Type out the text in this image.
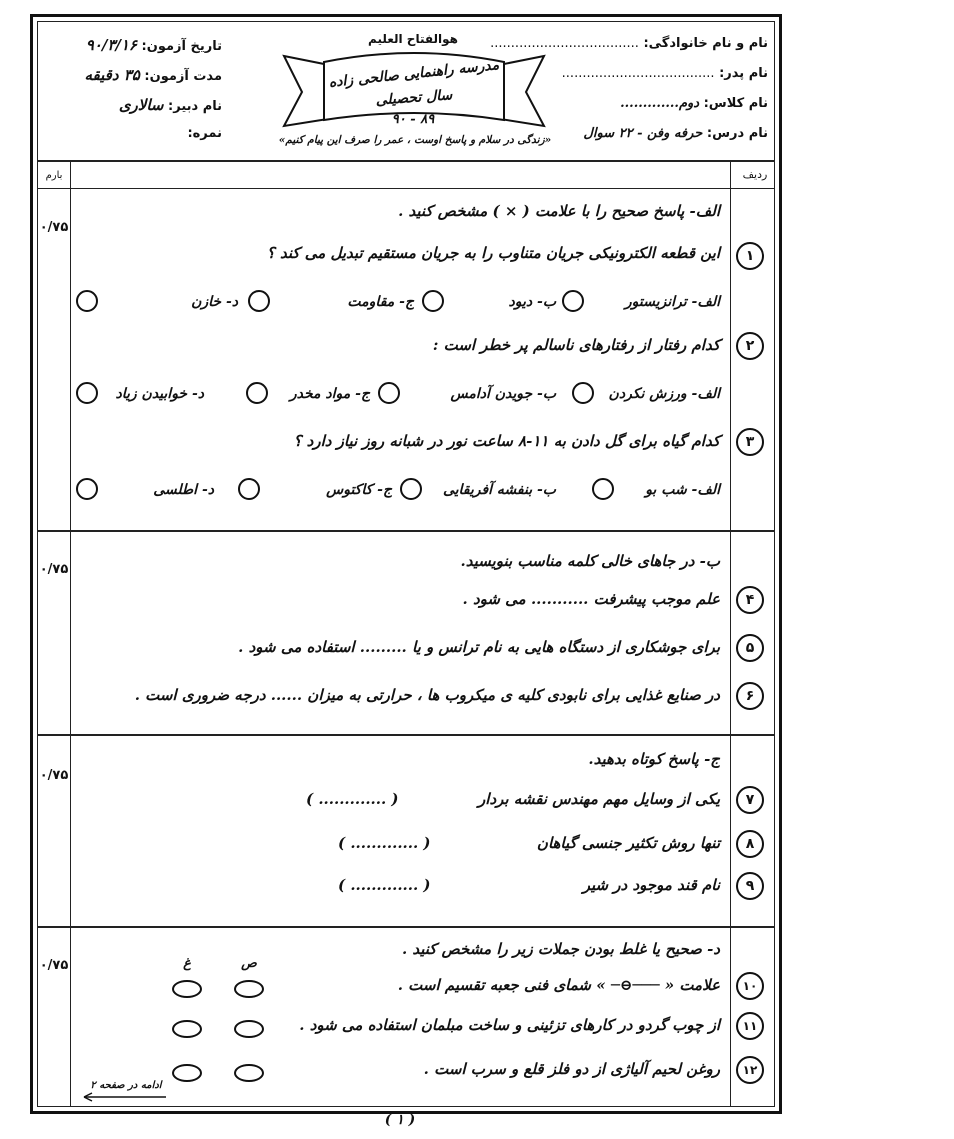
نام و نام خانوادگی: ....................................
نام پدر: .....................................
نام کلاس: دوم.............
نام درس: حرفه وفن - ۲۲ سوال
هوالفتاح العلیم
مدرسه راهنمایی صالحی زاده
سال تحصیلی
۹۰ - ۸۹
«زندگی در سلام و پاسخ اوست ، عمر را صرف این پیام کنیم»
تاریخ آزمون: ۹۰/۳/۱۶
مدت آزمون: ۳۵ دقیقه
نام دبیر: سالاری
نمره:
ردیف
بارم
الف- پاسخ صحیح را با علامت ( × ) مشخص کنید .
۰/۷۵
۱
این قطعه الکترونیکی جریان متناوب را به جریان مستقیم تبدیل می کند ؟
الف- ترانزیستور
ب- دیود
ج- مقاومت
د- خازن
۲
کدام رفتار از رفتارهای ناسالم پر خطر است :
الف- ورزش نکردن
ب- جویدن آدامس
ج- مواد مخدر
د- خوابیدن زیاد
۳
کدام گیاه برای گل دادن به ۱۱-۸ ساعت نور در شبانه روز نیاز دارد ؟
الف- شب بو
ب- بنفشه آفریقایی
ج- کاکتوس
د- اطلسی
ب- در جاهای خالی کلمه مناسب بنویسید.
۰/۷۵
۴
علم موجب پیشرفت ........... می شود .
۵
برای جوشکاری از دستگاه هایی به نام ترانس و یا ......... استفاده می شود .
۶
در صنایع غذایی برای نابودی کلیه ی میکروب ها ، حرارتی به میزان ...... درجه ضروری است .
ج- پاسخ کوتاه بدهید.
۰/۷۵
۷
یکی از وسایل مهم مهندس نقشه بردار
( ............. )
۸
تنها روش تکثیر جنسی گیاهان
( ............. )
۹
نام قند موجود در شیر
( ............. )
د- صحیح یا غلط بودن جملات زیر را مشخص کنید .
۰/۷۵	ص
غ
۱۰
علامت « ───⊖─ » شمای فنی جعبه تقسیم است .
۱۱
از چوب گردو در کارهای تزئینی و ساخت مبلمان استفاده می شود .
۱۲
روغن لحیم آلیاژی از دو فلز قلع و سرب است .
ادامه در صفحه ۲
( ۱ )
